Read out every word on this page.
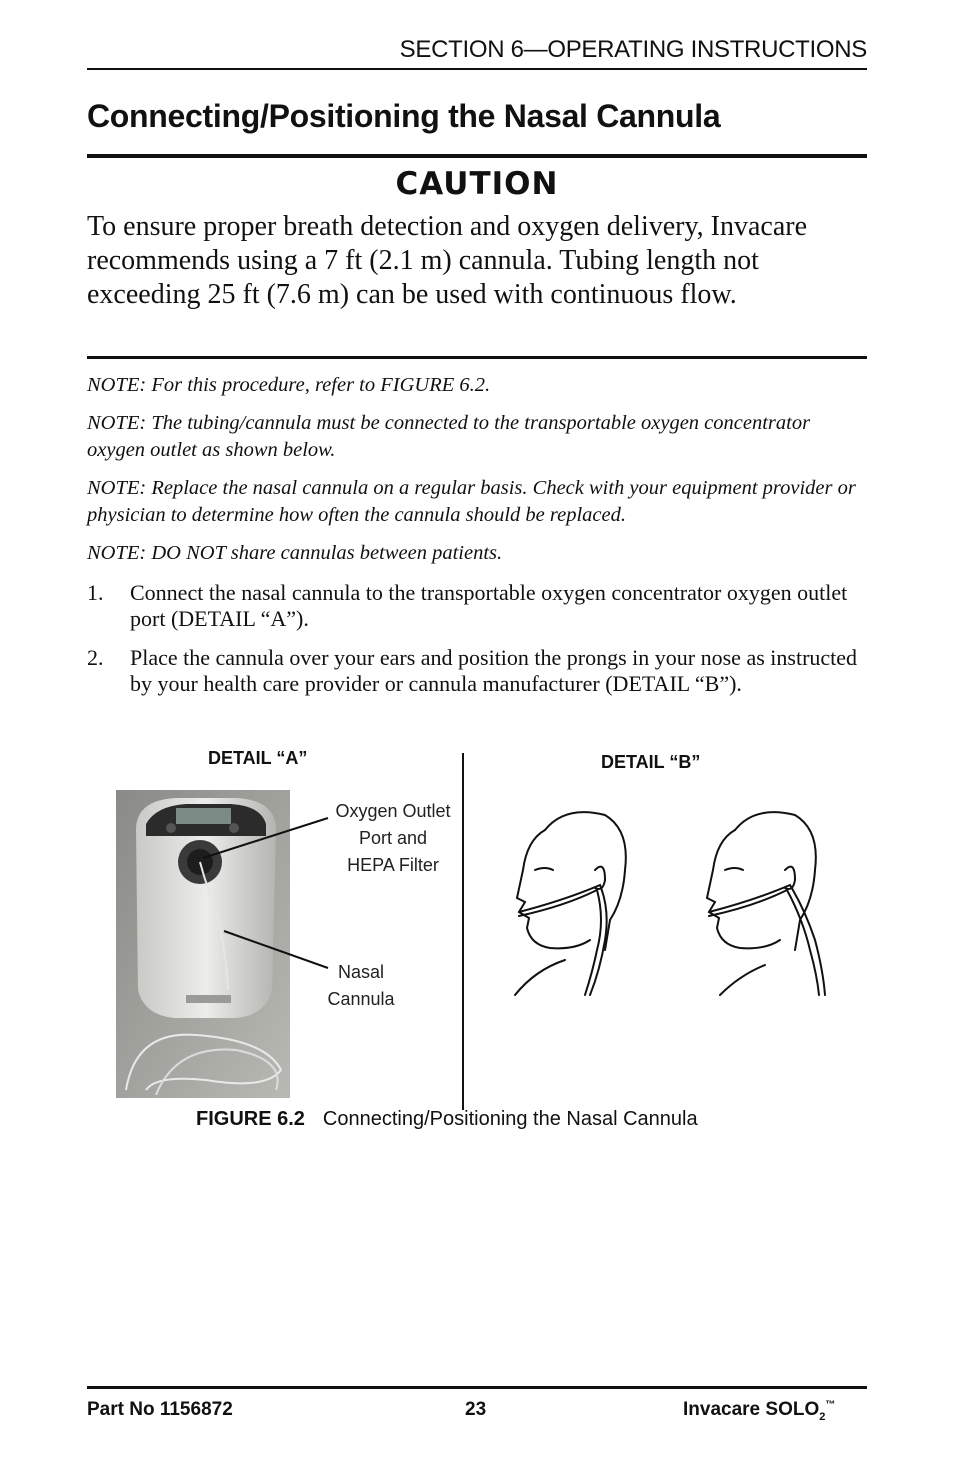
SECTION 6—OPERATING INSTRUCTIONS
Connecting/Positioning the Nasal Cannula
CAUTION
To ensure proper breath detection and oxygen delivery, Invacare recommends using a 7 ft (2.1 m) cannula. Tubing length not exceeding 25 ft (7.6 m) can be used with continuous flow.
NOTE: For this procedure, refer to FIGURE 6.2.
NOTE: The tubing/cannula must be connected to the transportable oxygen concentrator oxygen outlet as shown below.
NOTE: Replace the nasal cannula on a regular basis. Check with your equipment provider or physician to determine how often the cannula should be replaced.
NOTE: DO NOT share cannulas between patients.
1. Connect the nasal cannula to the transportable oxygen concentrator oxygen outlet port (DETAIL “A”).
2. Place the cannula over your ears and position the prongs in your nose as instructed by your health care provider or cannula manufacturer (DETAIL “B”).
DETAIL “A”	DETAIL “B”
Oxygen Outlet
Port and
HEPA Filter
Nasal
Cannula
FIGURE 6.2 Connecting/Positioning the Nasal Cannula
Part No 1156872	23	Invacare $SOLO_2™$
